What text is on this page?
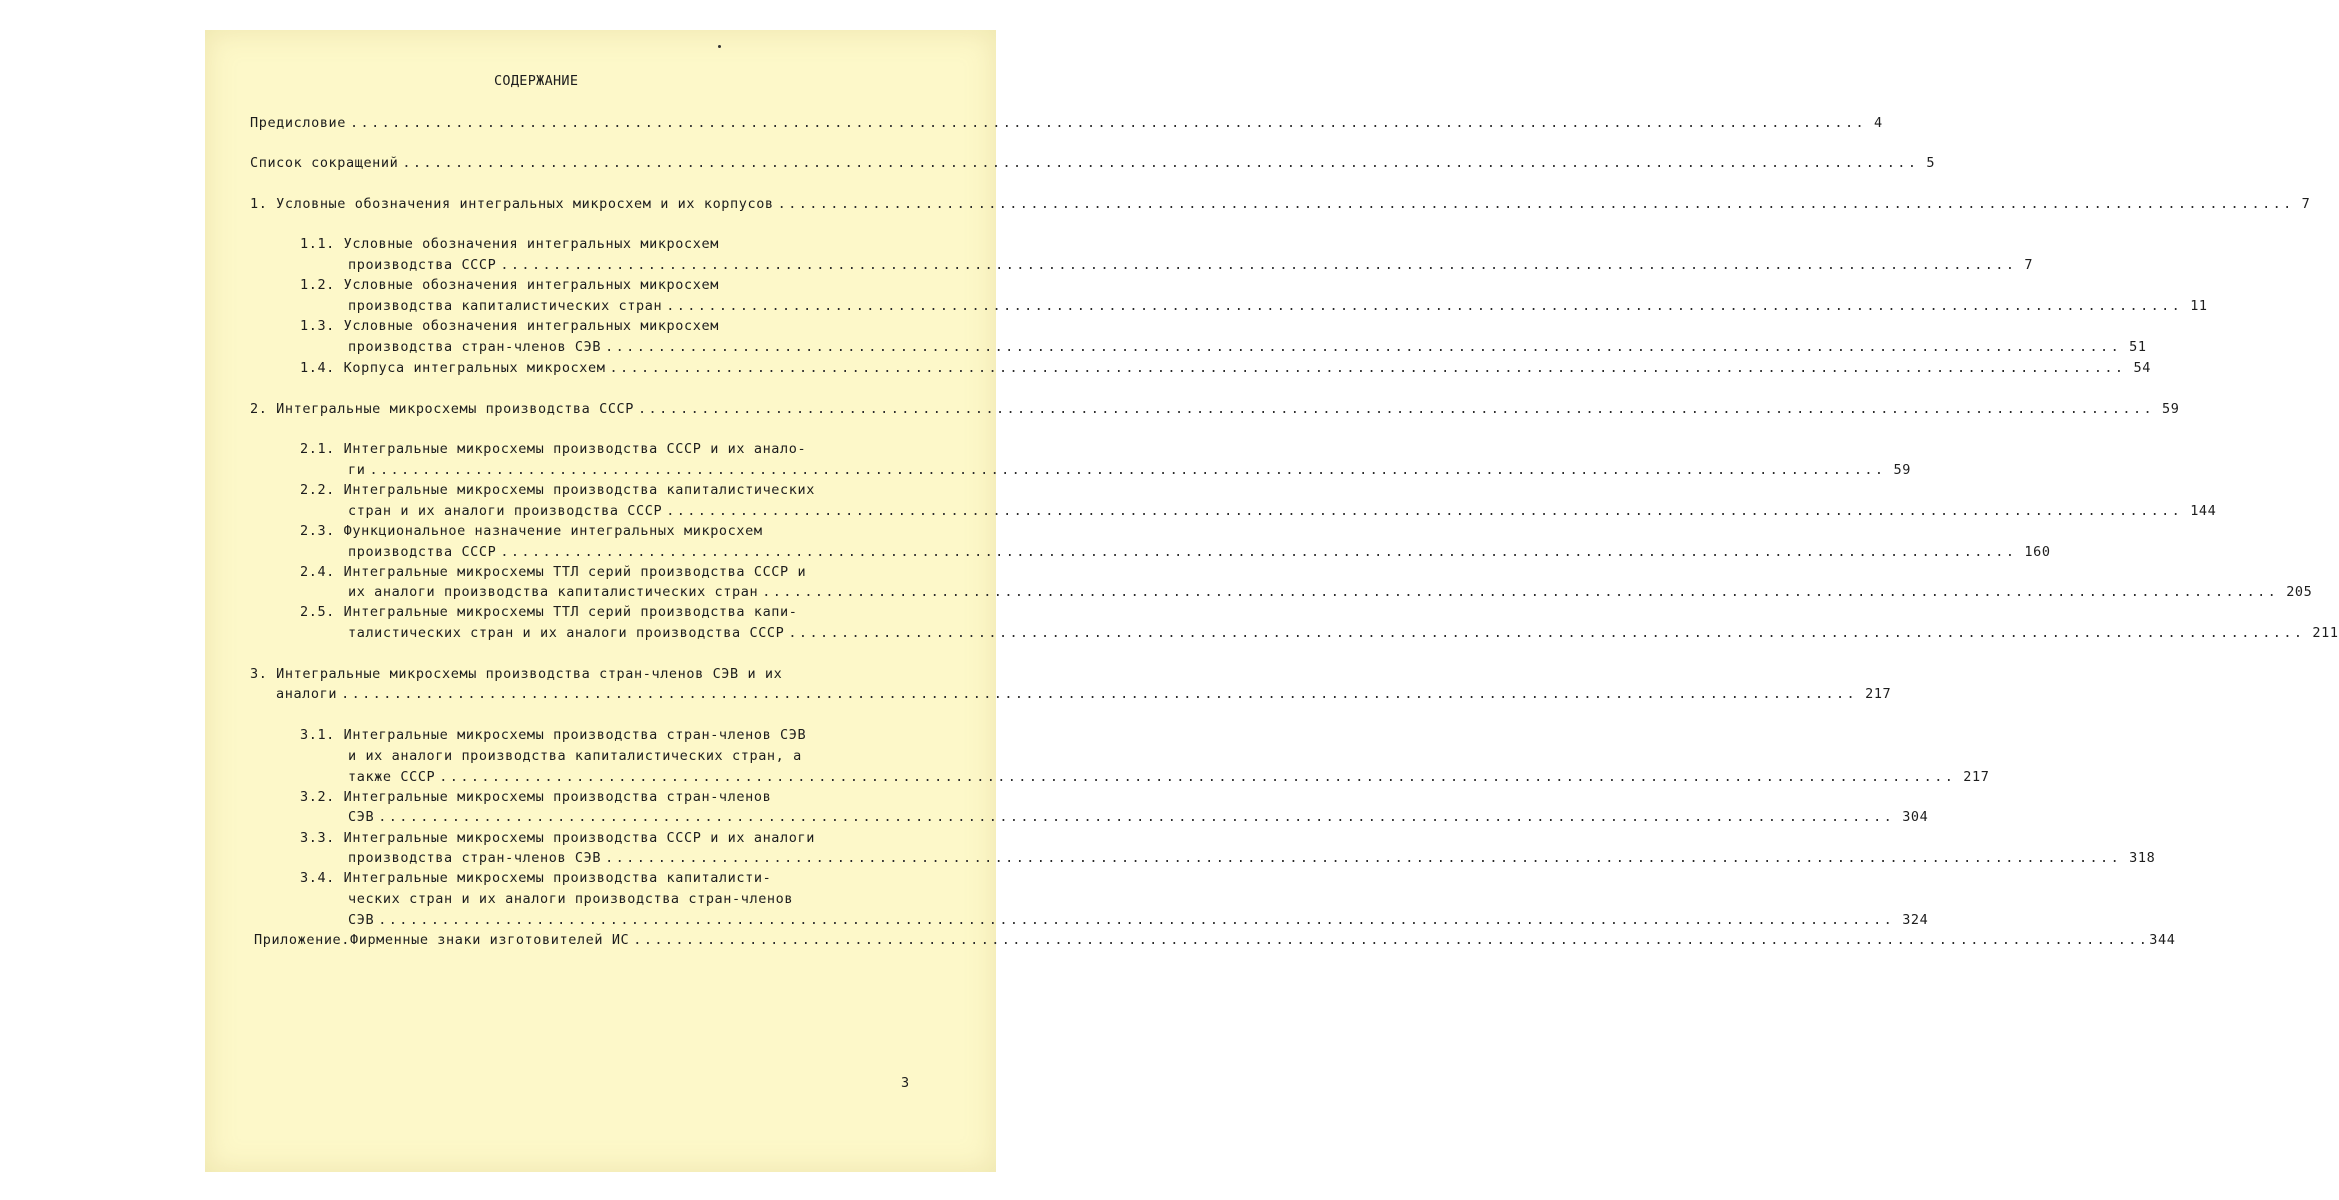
СОДЕРЖАНИЕ
Предисловие ................................................................................................................................................ 4
Список сокращений ................................................................................................................................................ 5
1. Условные обозначения интегральных микросхем и их корпусов ................................................................................................................................................ 7
1.1. Условные обозначения интегральных микросхем
производства СССР ................................................................................................................................................ 7
1.2. Условные обозначения интегральных микросхем
производства капиталистических стран ................................................................................................................................................ 11
1.3. Условные обозначения интегральных микросхем
производства стран-членов СЭВ ................................................................................................................................................ 51
1.4. Корпуса интегральных микросхем ................................................................................................................................................ 54
2. Интегральные микросхемы производства СССР ................................................................................................................................................ 59
2.1. Интегральные микросхемы производства СССР и их анало-
ги ................................................................................................................................................ 59
2.2. Интегральные микросхемы производства капиталистических
стран и их аналоги производства СССР ................................................................................................................................................ 144
2.3. Функциональное назначение интегральных микросхем
производства СССР ................................................................................................................................................ 160
2.4. Интегральные микросхемы ТТЛ серий производства СССР и
их аналоги производства капиталистических стран ................................................................................................................................................ 205
2.5. Интегральные микросхемы ТТЛ серий производства капи-
талистических стран и их аналоги производства СССР ................................................................................................................................................ 211
3. Интегральные микросхемы производства стран-членов СЭВ и их
аналоги ................................................................................................................................................ 217
3.1. Интегральные микросхемы производства стран-членов СЭВ
и их аналоги производства капиталистических стран, а
также СССР ................................................................................................................................................ 217
3.2. Интегральные микросхемы производства стран-членов
СЭВ ................................................................................................................................................ 304
3.3. Интегральные микросхемы производства СССР и их аналоги
производства стран-членов СЭВ ................................................................................................................................................ 318
3.4. Интегральные микросхемы производства капиталисти-
ческих стран и их аналоги производства стран-членов
СЭВ ................................................................................................................................................ 324
Приложение.Фирменные знаки изготовителей ИС ................................................................................................................................................ 344
3
